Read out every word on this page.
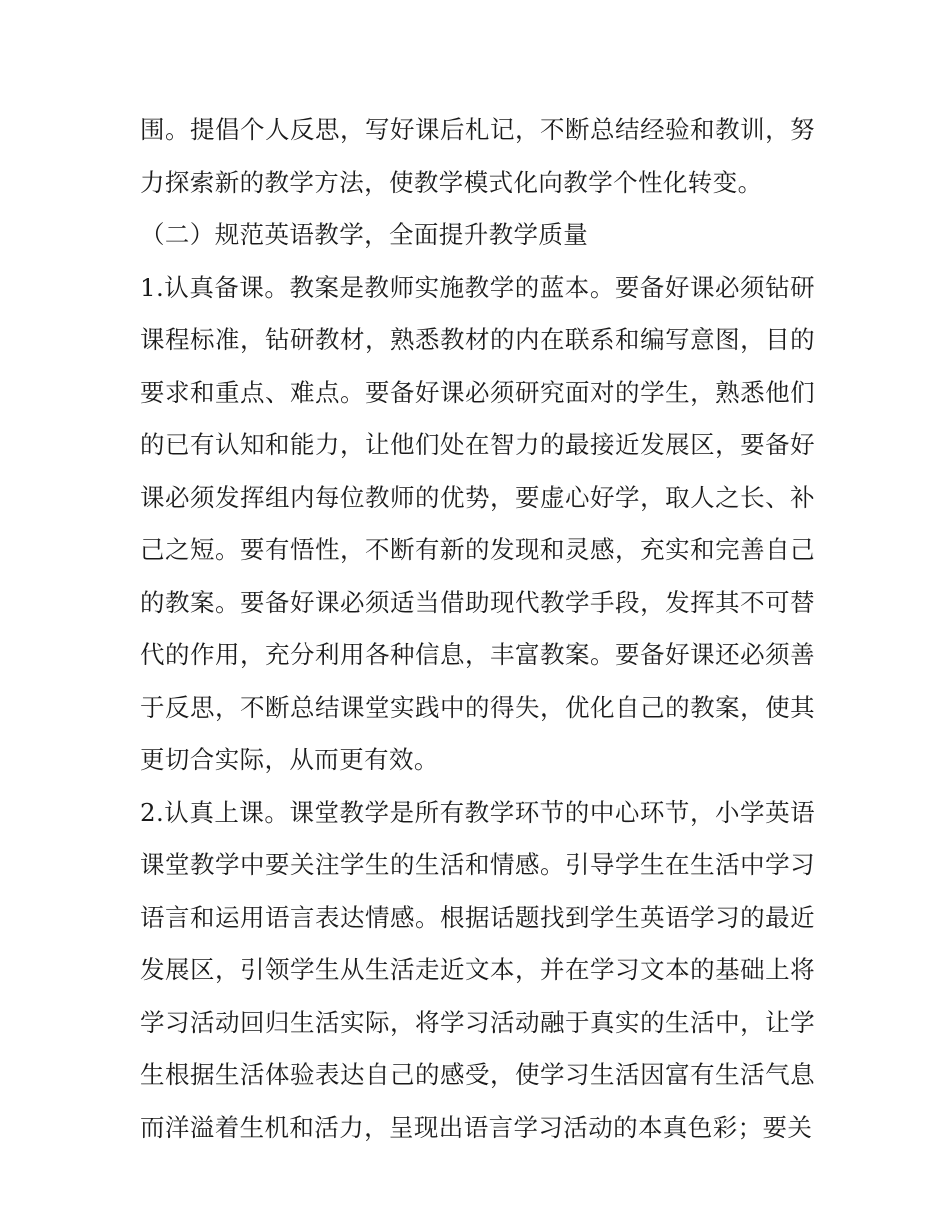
围。提倡个人反思，写好课后札记，不断总结经验和教训，努力探索新的教学方法，使教学模式化向教学个性化转变。

（二）规范英语教学，全面提升教学质量

1.认真备课。教案是教师实施教学的蓝本。要备好课必须钻研课程标准，钻研教材，熟悉教材的内在联系和编写意图，目的要求和重点、难点。要备好课必须研究面对的学生，熟悉他们的已有认知和能力，让他们处在智力的最接近发展区，要备好课必须发挥组内每位教师的优势，要虚心好学，取人之长、补己之短。要有悟性，不断有新的发现和灵感，充实和完善自己的教案。要备好课必须适当借助现代教学手段，发挥其不可替代的作用，充分利用各种信息，丰富教案。要备好课还必须善于反思，不断总结课堂实践中的得失，优化自己的教案，使其更切合实际，从而更有效。

2.认真上课。课堂教学是所有教学环节的中心环节，小学英语课堂教学中要关注学生的生活和情感。引导学生在生活中学习语言和运用语言表达情感。根据话题找到学生英语学习的最近发展区，引领学生从生活走近文本，并在学习文本的基础上将学习活动回归生活实际，将学习活动融于真实的生活中，让学生根据生活体验表达自己的感受，使学习生活因富有生活气息而洋溢着生机和活力，呈现出语言学习活动的本真色彩；要关
